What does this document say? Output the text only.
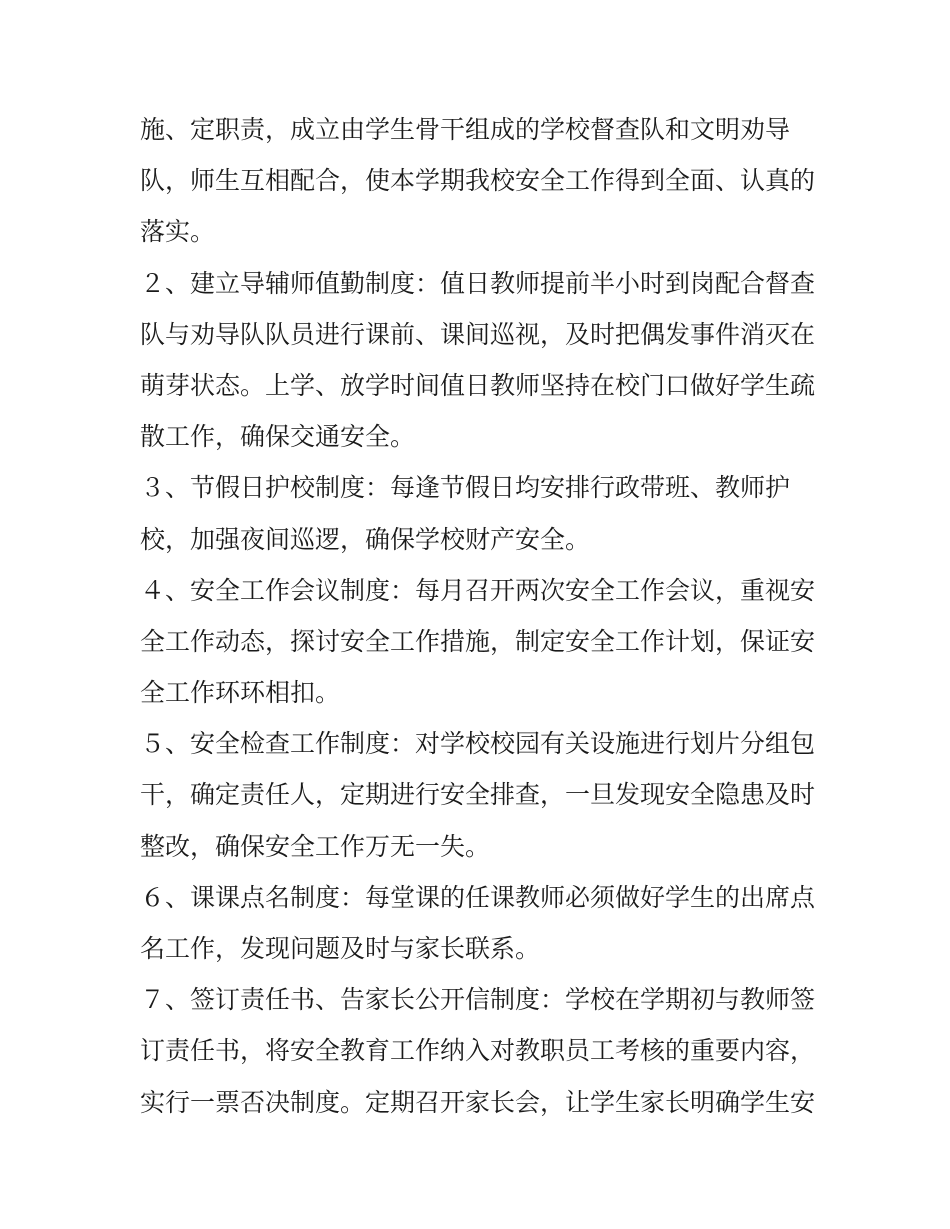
施、定职责，成立由学生骨干组成的学校督查队和文明劝导
队，师生互相配合，使本学期我校安全工作得到全面、认真的
落实。
２、建立导辅师值勤制度：值日教师提前半小时到岗配合督查
队与劝导队队员进行课前、课间巡视，及时把偶发事件消灭在
萌芽状态。上学、放学时间值日教师坚持在校门口做好学生疏
散工作，确保交通安全。
３、节假日护校制度：每逢节假日均安排行政带班、教师护
校，加强夜间巡逻，确保学校财产安全。
４、安全工作会议制度：每月召开两次安全工作会议，重视安
全工作动态，探讨安全工作措施，制定安全工作计划，保证安
全工作环环相扣。
５、安全检查工作制度：对学校校园有关设施进行划片分组包
干，确定责任人，定期进行安全排查，一旦发现安全隐患及时
整改，确保安全工作万无一失。
６、课课点名制度：每堂课的任课教师必须做好学生的出席点
名工作，发现问题及时与家长联系。
７、签订责任书、告家长公开信制度：学校在学期初与教师签
订责任书，将安全教育工作纳入对教职员工考核的重要内容，
实行一票否决制度。定期召开家长会，让学生家长明确学生安
